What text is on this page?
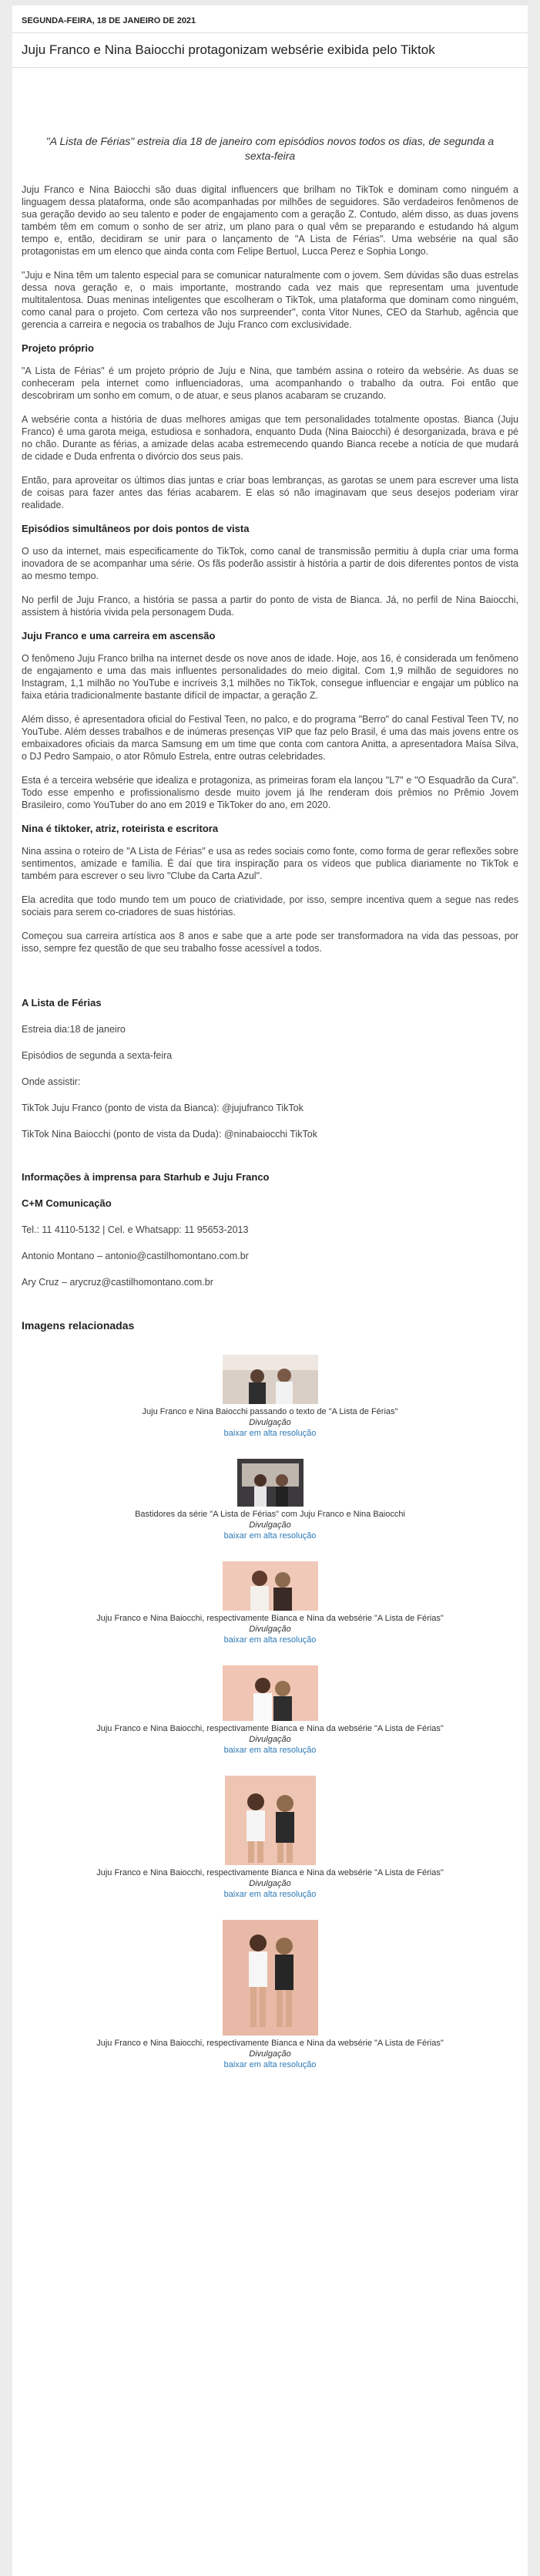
SEGUNDA-FEIRA, 18 DE JANEIRO DE 2021
Juju Franco e Nina Baiocchi protagonizam websérie exibida pelo Tiktok
"A Lista de Férias" estreia dia 18 de janeiro com episódios novos todos os dias, de segunda a sexta-feira

Juju Franco e Nina Baiocchi são duas digital influencers que brilham no TikTok e dominam como ninguém a linguagem dessa plataforma, onde são acompanhadas por milhões de seguidores. São verdadeiros fenômenos de sua geração devido ao seu talento e poder de engajamento com a geração Z. Contudo, além disso, as duas jovens também têm em comum o sonho de ser atriz, um plano para o qual vêm se preparando e estudando há algum tempo e, então, decidiram se unir para o lançamento de "A Lista de Férias". Uma websérie na qual são protagonistas em um elenco que ainda conta com Felipe Bertuol, Lucca Perez e Sophia Longo.

"Juju e Nina têm um talento especial para se comunicar naturalmente com o jovem. Sem dúvidas são duas estrelas dessa nova geração e, o mais importante, mostrando cada vez mais que representam uma juventude multitalentosa. Duas meninas inteligentes que escolheram o TikTok, uma plataforma que dominam como ninguém, como canal para o projeto. Com certeza vão nos surpreender", conta Vitor Nunes, CEO da Starhub, agência que gerencia a carreira e negocia os trabalhos de Juju Franco com exclusividade.

Projeto próprio

"A Lista de Férias" é um projeto próprio de Juju e Nina, que também assina o roteiro da websérie. As duas se conheceram pela internet como influenciadoras, uma acompanhando o trabalho da outra. Foi então que descobriram um sonho em comum, o de atuar, e seus planos acabaram se cruzando.

A websérie conta a história de duas melhores amigas que tem personalidades totalmente opostas. Bianca (Juju Franco) é uma garota meiga, estudiosa e sonhadora, enquanto Duda (Nina Baiocchi) é desorganizada, brava e pé no chão. Durante as férias, a amizade delas acaba estremecendo quando Bianca recebe a notícia de que mudará de cidade e Duda enfrenta o divórcio dos seus pais.

Então, para aproveitar os últimos dias juntas e criar boas lembranças, as garotas se unem para escrever uma lista de coisas para fazer antes das férias acabarem. E elas só não imaginavam que seus desejos poderiam virar realidade.

Episódios simultâneos por dois pontos de vista

O uso da internet, mais especificamente do TikTok, como canal de transmissão permitiu à dupla criar uma forma inovadora de se acompanhar uma série. Os fãs poderão assistir à história a partir de dois diferentes pontos de vista ao mesmo tempo.

No perfil de Juju Franco, a história se passa a partir do ponto de vista de Bianca. Já, no perfil de Nina Baiocchi, assistem à história vivida pela personagem Duda.

Juju Franco e uma carreira em ascensão

O fenômeno Juju Franco brilha na internet desde os nove anos de idade. Hoje, aos 16, é considerada um fenômeno de engajamento e uma das mais influentes personalidades do meio digital. Com 1,9 milhão de seguidores no Instagram, 1,1 milhão no YouTube e incríveis 3,1 milhões no TikTok, consegue influenciar e engajar um público na faixa etária tradicionalmente bastante difícil de impactar, a geração Z.

Além disso, é apresentadora oficial do Festival Teen, no palco, e do programa "Berro" do canal Festival Teen TV, no YouTube. Além desses trabalhos e de inúmeras presenças VIP que faz pelo Brasil, é uma das mais jovens entre os embaixadores oficiais da marca Samsung em um time que conta com cantora Anitta, a apresentadora Maísa Silva, o DJ Pedro Sampaio, o ator Rômulo Estrela, entre outras celebridades.

Esta é a terceira websérie que idealiza e protagoniza, as primeiras foram ela lançou "L7" e "O Esquadrão da Cura". Todo esse empenho e profissionalismo desde muito jovem já lhe renderam dois prêmios no Prêmio Jovem Brasileiro, como YouTuber do ano em 2019 e TikToker do ano, em 2020.

Nina é tiktoker, atriz, roteirista e escritora

Nina assina o roteiro de "A Lista de Férias" e usa as redes sociais como fonte, como forma de gerar reflexões sobre sentimentos, amizade e família. É daí que tira inspiração para os vídeos que publica diariamente no TikTok e também para escrever o seu livro "Clube da Carta Azul".

Ela acredita que todo mundo tem um pouco de criatividade, por isso, sempre incentiva quem a segue nas redes sociais para serem co-criadores de suas histórias.

Começou sua carreira artística aos 8 anos e sabe que a arte pode ser transformadora na vida das pessoas, por isso, sempre fez questão de que seu trabalho fosse acessível a todos.

A Lista de Férias

Estreia dia:18 de janeiro

Episódios de segunda a sexta-feira

Onde assistir:

TikTok Juju Franco (ponto de vista da Bianca): @jujufranco TikTok

TikTok Nina Baiocchi (ponto de vista da Duda): @ninabaiocchi TikTok

Informações à imprensa para Starhub e Juju Franco
C+M Comunicação

Tel.: 11 4110-5132 | Cel. e Whatsapp: 11 95653-2013

Antonio Montano – antonio@castilhomontano.com.br

Ary Cruz – arycruz@castilhomontano.com.br

Imagens relacionadas
Juju Franco e Nina Baiocchi passando o texto de "A Lista de Férias"
Divulgação
baixar em alta resolução
Bastidores da série "A Lista de Férias" com Juju Franco e Nina Baiocchi
Divulgação
baixar em alta resolução
Juju Franco e Nina Baiocchi, respectivamente Bianca e Nina da websérie "A Lista de Férias"
Divulgação
baixar em alta resolução
Juju Franco e Nina Baiocchi, respectivamente Bianca e Nina da websérie "A Lista de Férias"
Divulgação
baixar em alta resolução
Juju Franco e Nina Baiocchi, respectivamente Bianca e Nina da websérie "A Lista de Férias"
Divulgação
baixar em alta resolução
Juju Franco e Nina Baiocchi, respectivamente Bianca e Nina da websérie "A Lista de Férias"
Divulgação
baixar em alta resolução
